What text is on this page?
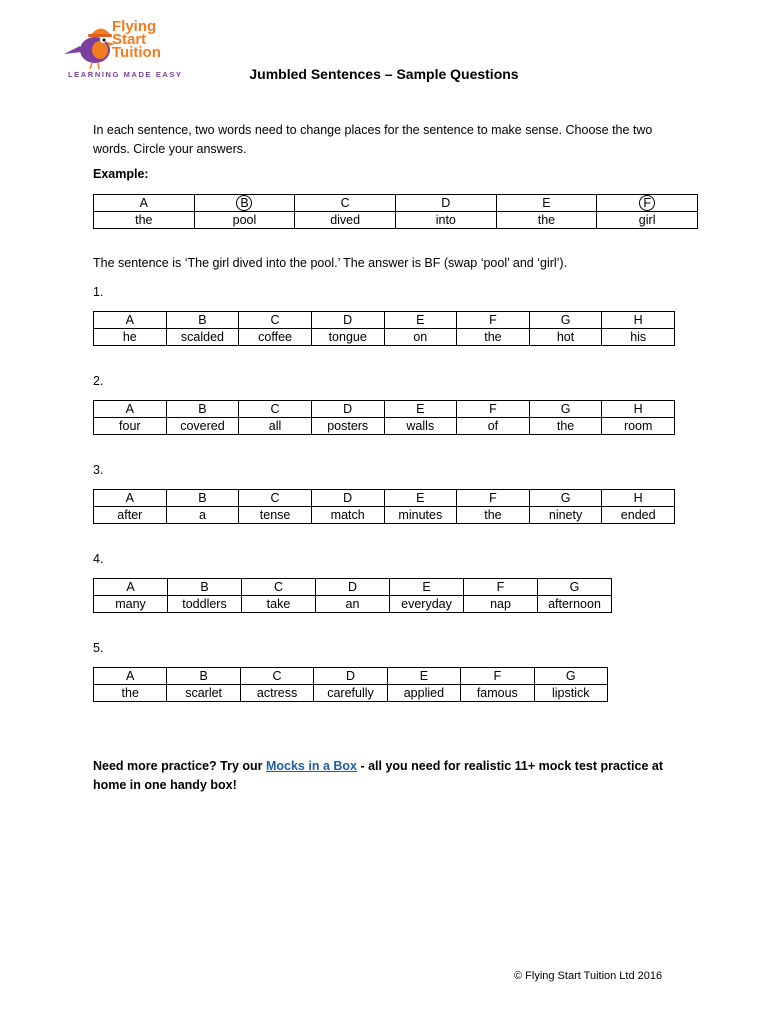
Flying
Start
Tuition
LEARNING MADE EASY	Jumbled Sentences – Sample Questions
In each sentence, two words need to change places for the sentence to make sense. Choose the two words. Circle your answers.
Example:
A	B	C	D	E	F
the	pool	dived	into	the	girl
The sentence is ‘The girl dived into the pool.’ The answer is BF (swap ‘pool’ and ‘girl’).
1.
A	B	C	D	E	F	G	H
he	scalded	coffee	tongue	on	the	hot	his
2.
A	B	C	D	E	F	G	H
four	covered	all	posters	walls	of	the	room
3.
A	B	C	D	E	F	G	H
after	a	tense	match	minutes	the	ninety	ended
4.
A	B	C	D	E	F	G
many	toddlers	take	an	everyday	nap	afternoon
5.
A	B	C	D	E	F	G
the	scarlet	actress	carefully	applied	famous	lipstick
Need more practice? Try our Mocks in a Box - all you need for realistic 11+ mock test practice at home in one handy box!
© Flying Start Tuition Ltd 2016
